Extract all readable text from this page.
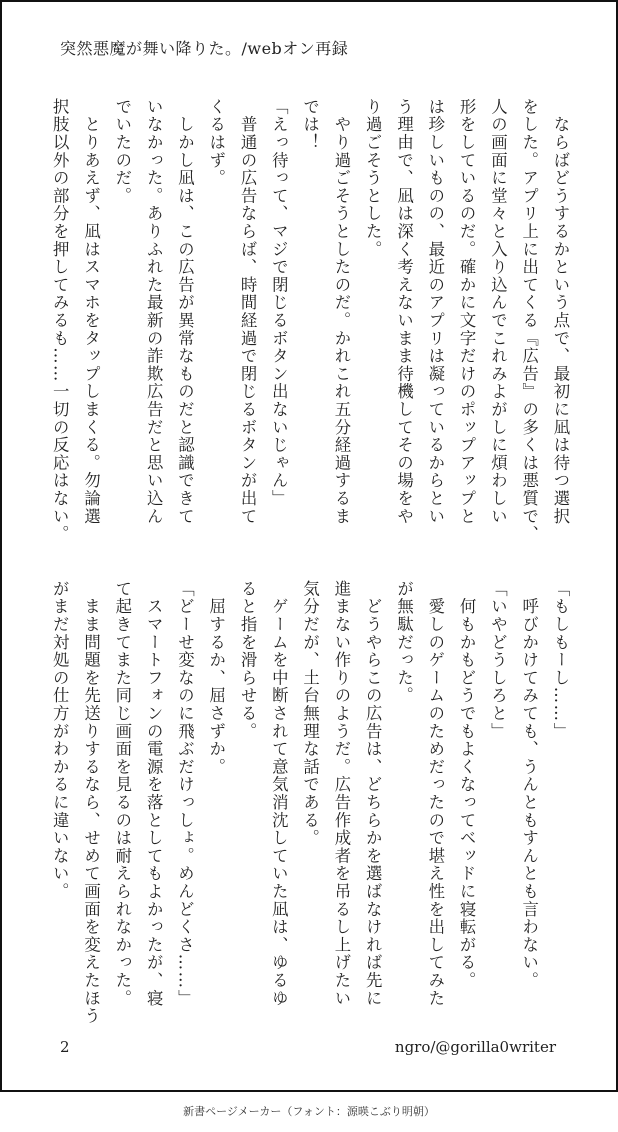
突然悪魔が舞い降りた。/webオン再録
　ならばどうするかという点で、最初に凪は待つ選択
をした。アプリ上に出てくる『広告』の多くは悪質で、
人の画面に堂々と入り込んでこれみよがしに煩わしい
形をしているのだ。確かに文字だけのポップアップと
は珍しいものの、最近のアプリは凝っているからとい
う理由で、凪は深く考えないまま待機してその場をや
り過ごそうとした。
　やり過ごそうとしたのだ。かれこれ五分経過するま
では！
「えっ待って、マジで閉じるボタン出ないじゃん」
　普通の広告ならば、時間経過で閉じるボタンが出て
くるはず。
　しかし凪は、この広告が異常なものだと認識できて
いなかった。ありふれた最新の詐欺広告だと思い込ん
でいたのだ。
　とりあえず、凪はスマホをタップしまくる。勿論選
択肢以外の部分を押してみるも……一切の反応はない。
「もしもーし……」
　呼びかけてみても、うんともすんとも言わない。
「いやどうしろと」
　何もかもどうでもよくなってベッドに寝転がる。
　愛しのゲームのためだったので堪え性を出してみた
が無駄だった。
　どうやらこの広告は、どちらかを選ばなければ先に
進まない作りのようだ。広告作成者を吊るし上げたい
気分だが、土台無理な話である。
　ゲームを中断されて意気消沈していた凪は、ゆるゆ
ると指を滑らせる。
　屈するか、屈さずか。
「どーせ変なのに飛ぶだけっしょ。めんどくさ……」
　スマートフォンの電源を落としてもよかったが、寝
て起きてまた同じ画面を見るのは耐えられなかった。
　まま問題を先送りするなら、せめて画面を変えたほう
がまだ対処の仕方がわかるに違いない。
2	ngro/@gorilla0writer
新書ページメーカー（フォント：源暎こぶり明朝）
